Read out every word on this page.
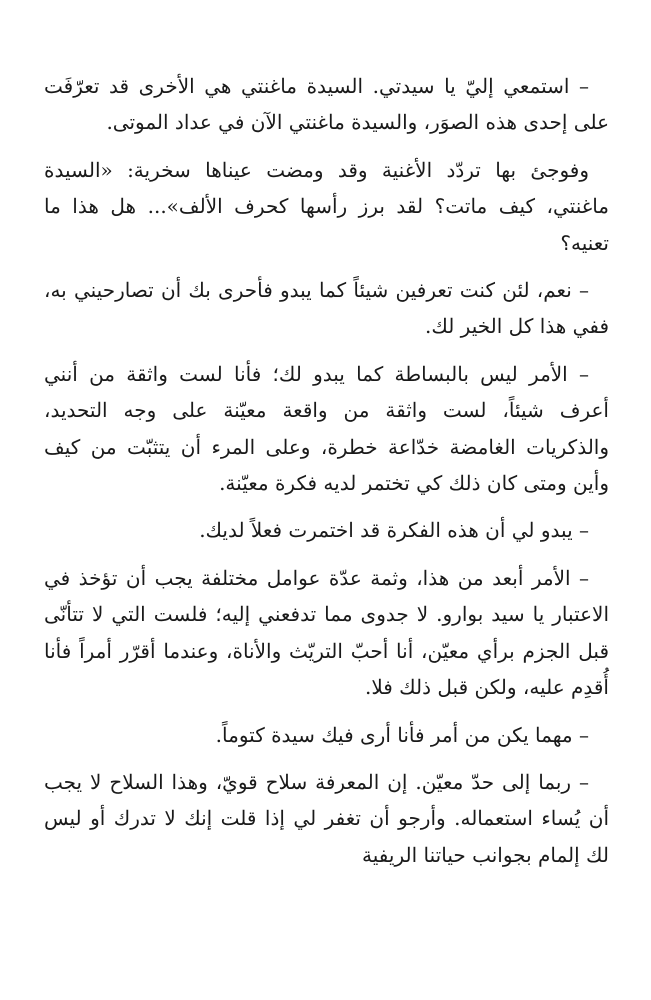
– استمعي إليّ يا سيدتي. السيدة ماغنتي هي الأخرى قد تعرّفَت على إحدى هذه الصوَر، والسيدة ماغنتي الآن في عداد الموتى.

وفوجئ بها تردّد الأغنية وقد ومضت عيناها سخرية: «السيدة ماغنتي، كيف ماتت؟ لقد برز رأسها كحرف الألف»... هل هذا ما تعنيه؟

– نعم، لئن كنت تعرفين شيئاً كما يبدو فأحرى بك أن تصارحيني به، ففي هذا كل الخير لك.

– الأمر ليس بالبساطة كما يبدو لك؛ فأنا لست واثقة من أنني أعرف شيئاً، لست واثقة من واقعة معيّنة على وجه التحديد، والذكريات الغامضة خدّاعة خطرة، وعلى المرء أن يتثبّت من كيف وأين ومتى كان ذلك كي تختمر لديه فكرة معيّنة.

– يبدو لي أن هذه الفكرة قد اختمرت فعلاً لديك.

– الأمر أبعد من هذا، وثمة عدّة عوامل مختلفة يجب أن تؤخذ في الاعتبار يا سيد بوارو. لا جدوى مما تدفعني إليه؛ فلست التي لا تتأنّى قبل الجزم برأي معيّن، أنا أحبّ التريّث والأناة، وعندما أقرّر أمراً فأنا أُقدِم عليه، ولكن قبل ذلك فلا.

– مهما يكن من أمر فأنا أرى فيك سيدة كتوماً.

– ربما إلى حدّ معيّن. إن المعرفة سلاح قويّ، وهذا السلاح لا يجب أن يُساء استعماله. وأرجو أن تغفر لي إذا قلت إنك لا تدرك أو ليس لك إلمام بجوانب حياتنا الريفية
